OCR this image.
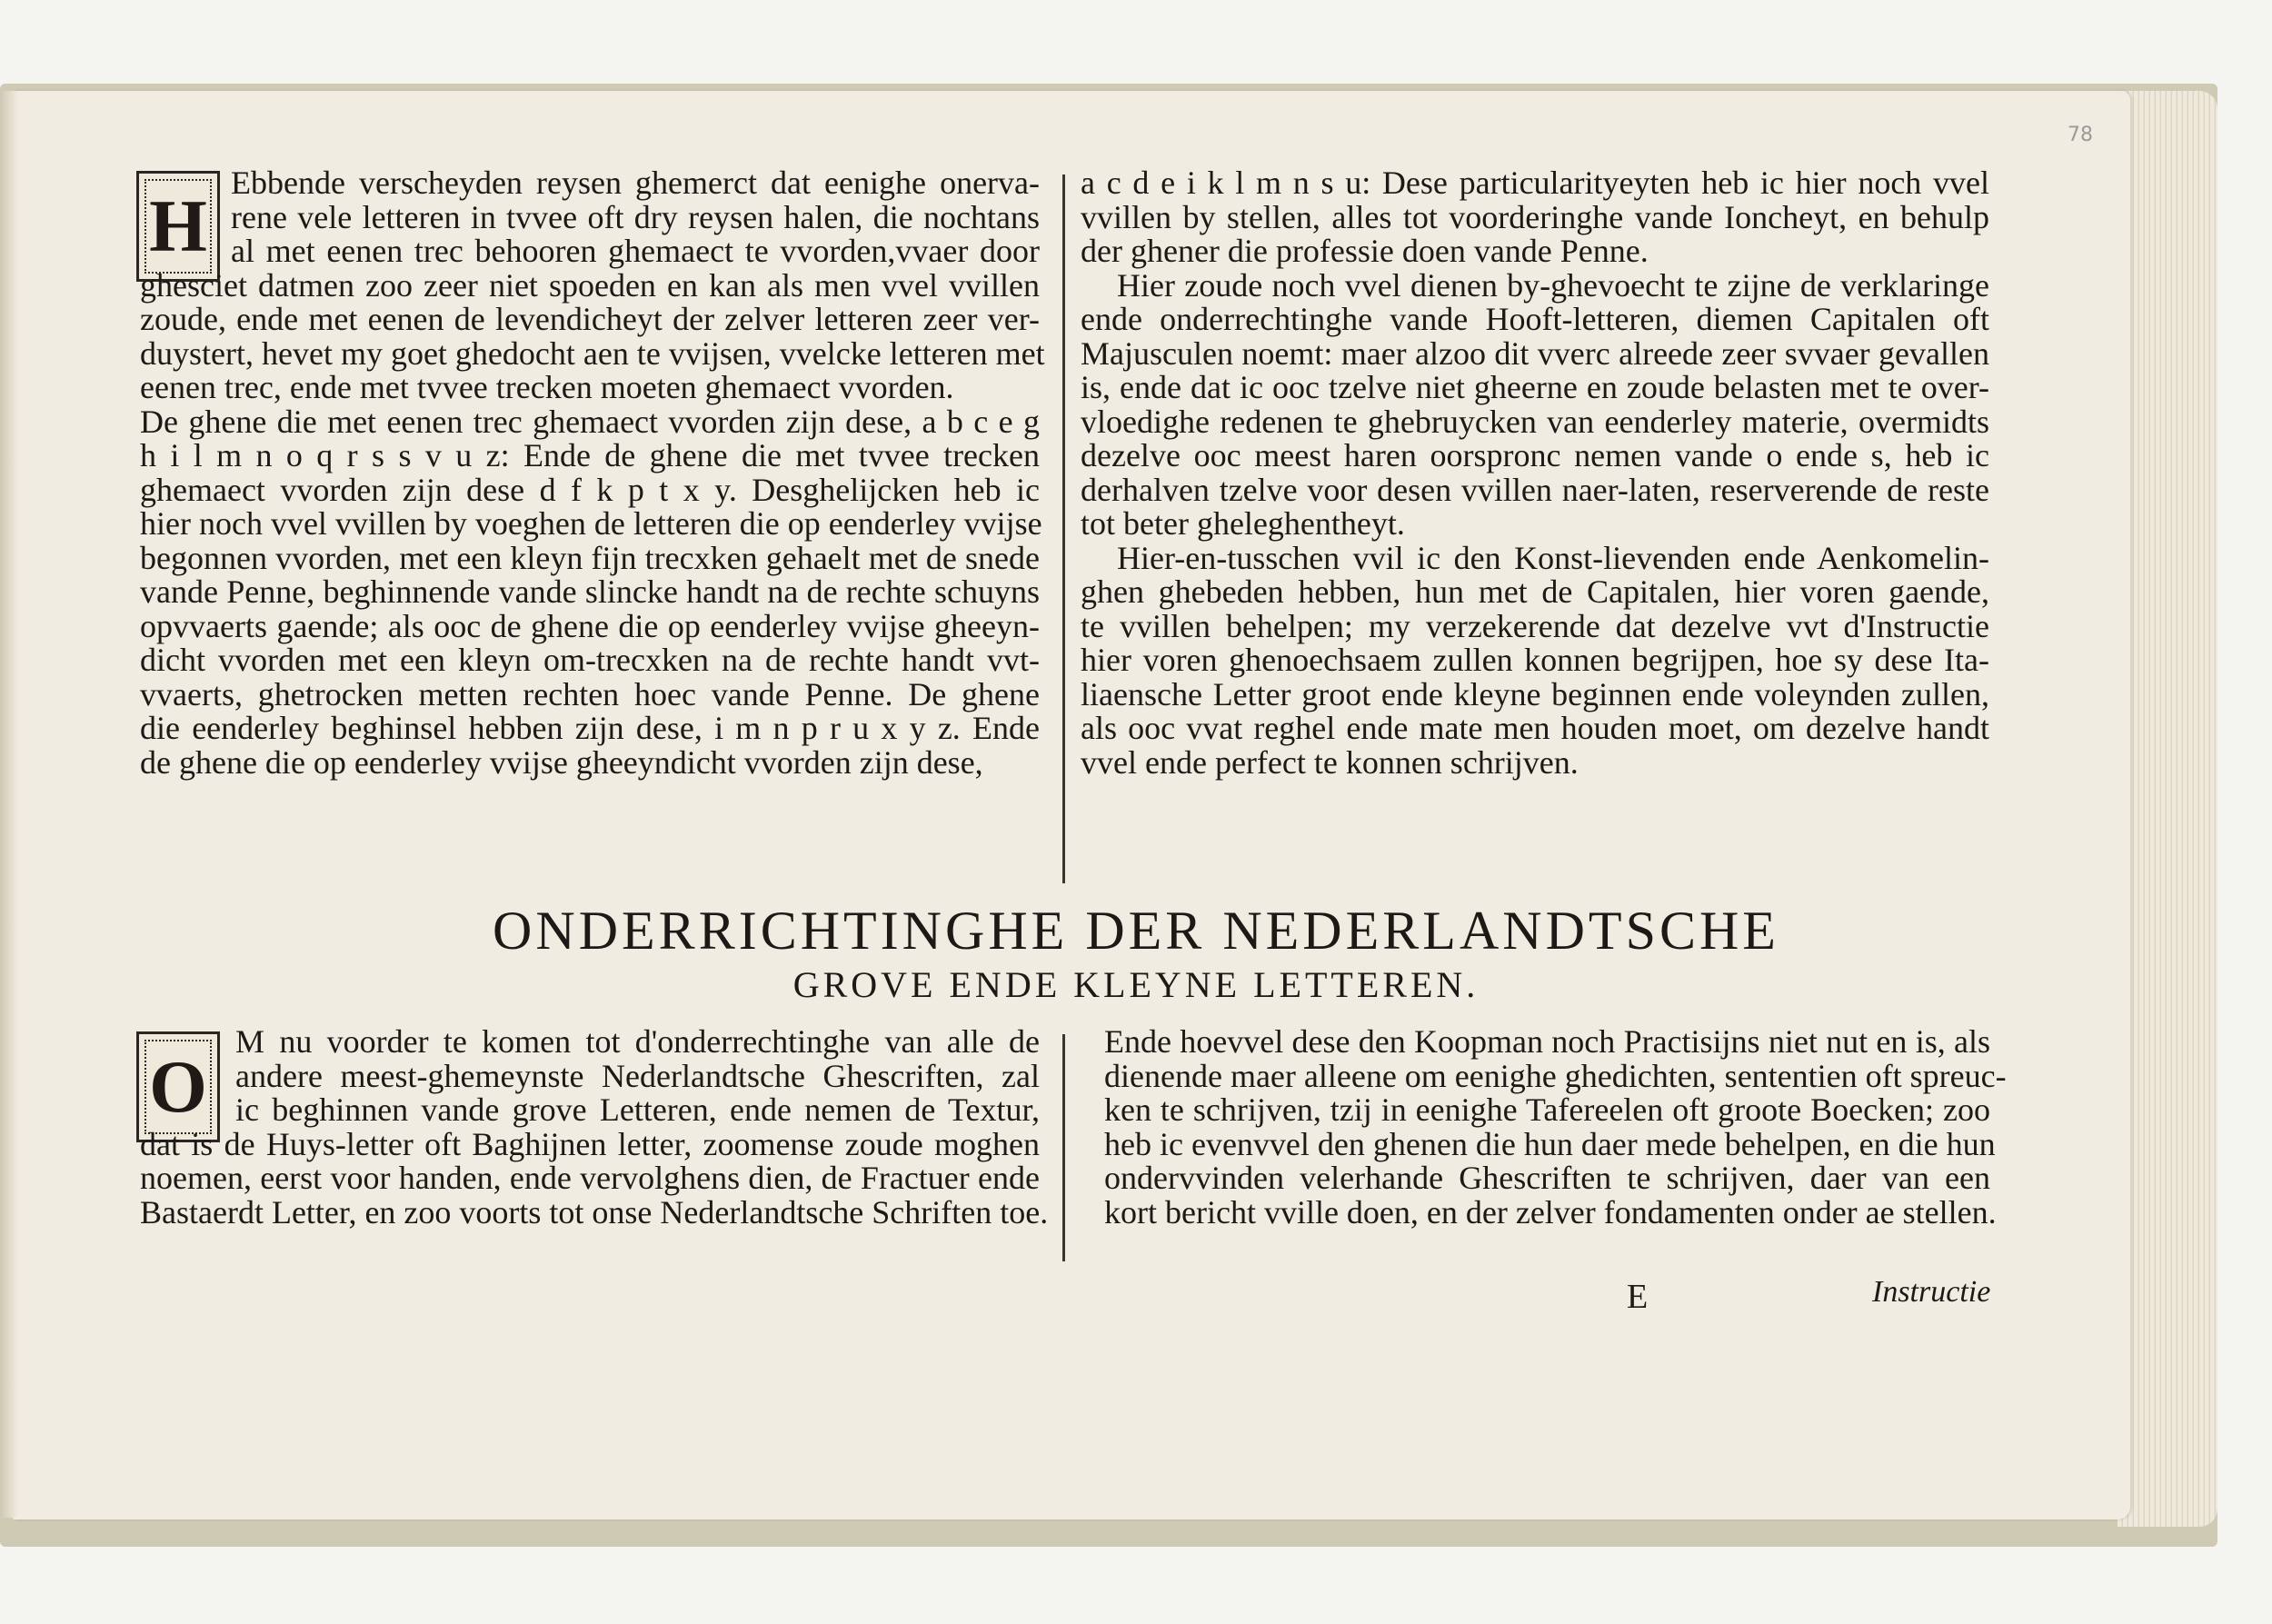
78
H
Ebbende verscheyden reysen ghemerct dat eenighe onerva-
rene vele letteren in tvvee oft dry reysen halen, die nochtans
al met eenen trec behooren ghemaect te vvorden,vvaer door
ghesciet datmen zoo zeer niet spoeden en kan als men vvel vvillen
zoude, ende met eenen de levendicheyt der zelver letteren zeer ver-
duystert, hevet my goet ghedocht aen te vvijsen, vvelcke letteren met
eenen trec, ende met tvvee trecken moeten ghemaect vvorden.
De ghene die met eenen trec ghemaect vvorden zijn dese, a b c e g
h i l m n o q r s s v u z: Ende de ghene die met tvvee trecken
ghemaect vvorden zijn dese d f k p t x y. Desghelijcken heb ic
hier noch vvel vvillen by voeghen de letteren die op eenderley vvijse
begonnen vvorden, met een kleyn fijn trecxken gehaelt met de snede
vande Penne, beghinnende vande slincke handt na de rechte schuyns
opvvaerts gaende; als ooc de ghene die op eenderley vvijse gheeyn-
dicht vvorden met een kleyn om-trecxken na de rechte handt vvt-
vvaerts, ghetrocken metten rechten hoec vande Penne. De ghene
die eenderley beghinsel hebben zijn dese, i m n p r u x y z. Ende
de ghene die op eenderley vvijse gheeyndicht vvorden zijn dese,
a c d e i k l m n s u: Dese particularityeyten heb ic hier noch vvel
vvillen by stellen, alles tot voorderinghe vande Ioncheyt, en behulp
der ghener die professie doen vande Penne.
Hier zoude noch vvel dienen by-ghevoecht te zijne de verklaringe
ende onderrechtinghe vande Hooft-letteren, diemen Capitalen oft
Majusculen noemt: maer alzoo dit vverc alreede zeer svvaer gevallen
is, ende dat ic ooc tzelve niet gheerne en zoude belasten met te over-
vloedighe redenen te ghebruycken van eenderley materie, overmidts
dezelve ooc meest haren oorspronc nemen vande o ende s, heb ic
derhalven tzelve voor desen vvillen naer-laten, reserverende de reste
tot beter gheleghentheyt.
Hier-en-tusschen vvil ic den Konst-lievenden ende Aenkomelin-
ghen ghebeden hebben, hun met de Capitalen, hier voren gaende,
te vvillen behelpen; my verzekerende dat dezelve vvt d'Instructie
hier voren ghenoechsaem zullen konnen begrijpen, hoe sy dese Ita-
liaensche Letter groot ende kleyne beginnen ende voleynden zullen,
als ooc vvat reghel ende mate men houden moet, om dezelve handt
vvel ende perfect te konnen schrijven.
ONDERRICHTINGHE DER NEDERLANDTSCHE
GROVE ENDE KLEYNE LETTEREN.
O
M nu voorder te komen tot d'onderrechtinghe van alle de
andere meest-ghemeynste Nederlandtsche Ghescriften, zal
ic beghinnen vande grove Letteren, ende nemen de Textur,
dat is de Huys-letter oft Baghijnen letter, zoomense zoude moghen
noemen, eerst voor handen, ende vervolghens dien, de Fractuer ende
Bastaerdt Letter, en zoo voorts tot onse Nederlandtsche Schriften toe.
Ende hoevvel dese den Koopman noch Practisijns niet nut en is, als
dienende maer alleene om eenighe ghedichten, sententien oft spreuc-
ken te schrijven, tzij in eenighe Tafereelen oft groote Boecken; zoo
heb ic evenvvel den ghenen die hun daer mede behelpen, en die hun
ondervvinden velerhande Ghescriften te schrijven, daer van een
kort bericht vville doen, en der zelver fondamenten onder ae stellen.
E	Instructie
